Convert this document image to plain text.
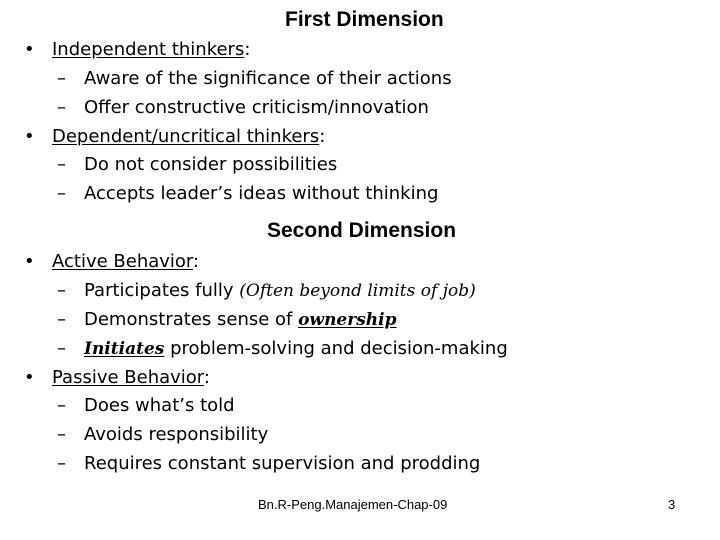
First Dimension
• Independent thinkers:
– Aware of the significance of their actions
– Offer constructive criticism/innovation
• Dependent/uncritical thinkers:
– Do not consider possibilities
– Accepts leader’s ideas without thinking
Second Dimension
• Active Behavior:
– Participates fully (Often beyond limits of job)
– Demonstrates sense of ownership
– Initiates problem-solving and decision-making
• Passive Behavior:
– Does what’s told
– Avoids responsibility
– Requires constant supervision and prodding
Bn.R-Peng.Manajemen-Chap-09	3
